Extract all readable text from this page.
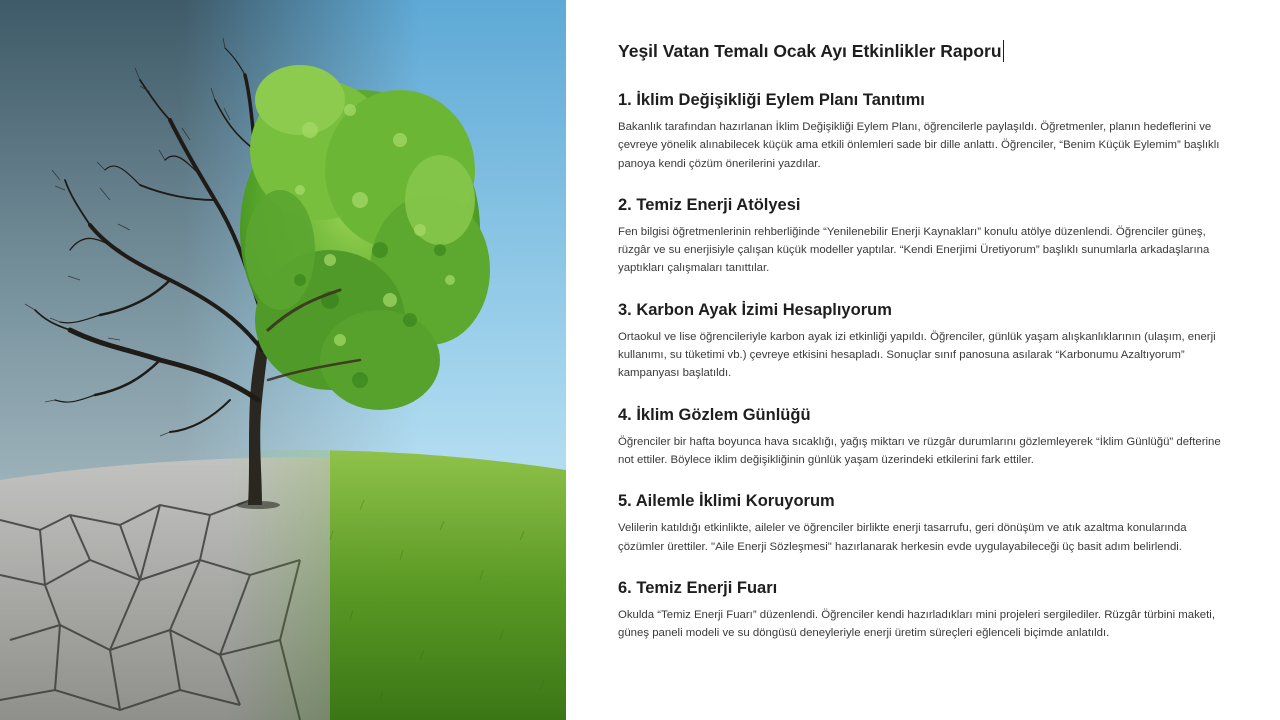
Yeşil Vatan Temalı Ocak Ayı Etkinlikler Raporu
1. İklim Değişikliği Eylem Planı Tanıtımı

Bakanlık tarafından hazırlanan İklim Değişikliği Eylem Planı, öğrencilerle paylaşıldı. Öğretmenler, planın hedeflerini ve çevreye yönelik alınabilecek küçük ama etkili önlemleri sade bir dille anlattı. Öğrenciler, “Benim Küçük Eylemim” başlıklı panoya kendi çözüm önerilerini yazdılar.

2. Temiz Enerji Atölyesi

Fen bilgisi öğretmenlerinin rehberliğinde “Yenilenebilir Enerji Kaynakları” konulu atölye düzenlendi. Öğrenciler güneş, rüzgâr ve su enerjisiyle çalışan küçük modeller yaptılar. “Kendi Enerjimi Üretiyorum” başlıklı sunumlarla arkadaşlarına yaptıkları çalışmaları tanıttılar.

3. Karbon Ayak İzimi Hesaplıyorum

Ortaokul ve lise öğrencileriyle karbon ayak izi etkinliği yapıldı. Öğrenciler, günlük yaşam alışkanlıklarının (ulaşım, enerji kullanımı, su tüketimi vb.) çevreye etkisini hesapladı. Sonuçlar sınıf panosuna asılarak “Karbonumu Azaltıyorum” kampanyası başlatıldı.

4. İklim Gözlem Günlüğü

Öğrenciler bir hafta boyunca hava sıcaklığı, yağış miktarı ve rüzgâr durumlarını gözlemleyerek “İklim Günlüğü” defterine not ettiler. Böylece iklim değişikliğinin günlük yaşam üzerindeki etkilerini fark ettiler.

5. Ailemle İklimi Koruyorum

Velilerin katıldığı etkinlikte, aileler ve öğrenciler birlikte enerji tasarrufu, geri dönüşüm ve atık azaltma konularında çözümler ürettiler. "Aile Enerji Sözleşmesi" hazırlanarak herkesin evde uygulayabileceği üç basit adım belirlendi.

6. Temiz Enerji Fuarı

Okulda “Temiz Enerji Fuarı” düzenlendi. Öğrenciler kendi hazırladıkları mini projeleri sergilediler. Rüzgâr türbini maketi, güneş paneli modeli ve su döngüsü deneyleriyle enerji üretim süreçleri eğlenceli biçimde anlatıldı.
